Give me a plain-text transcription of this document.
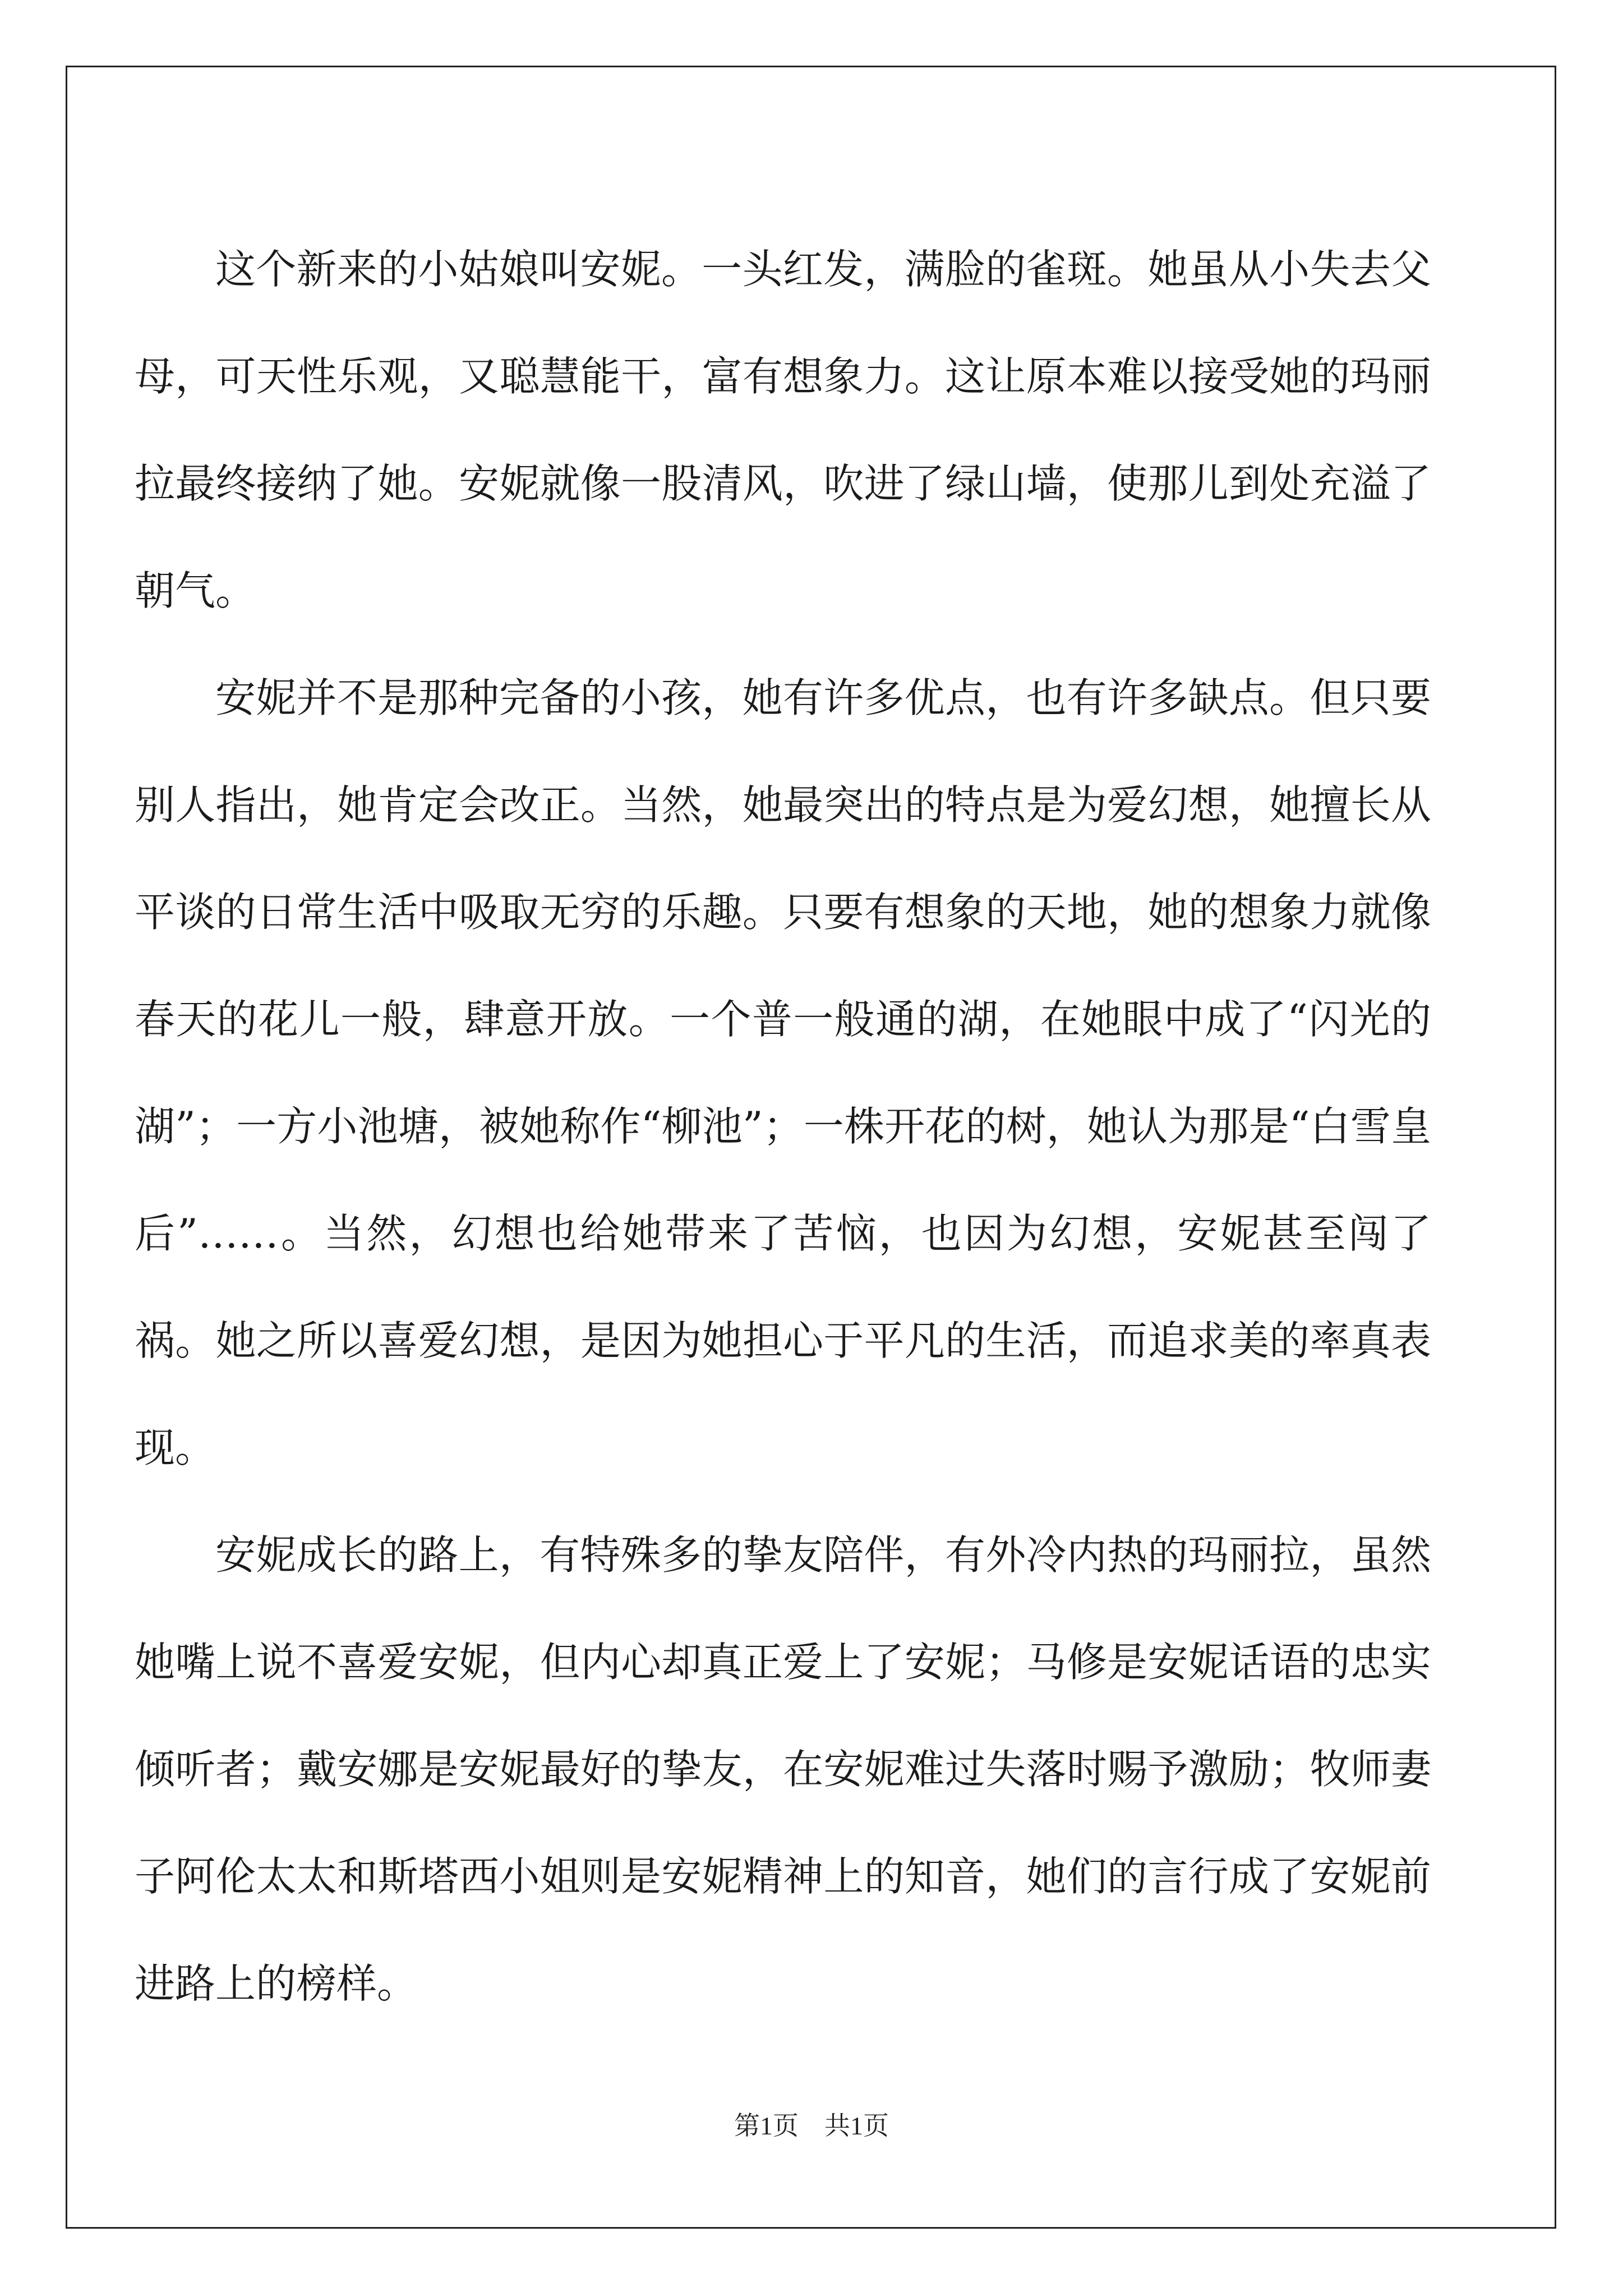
这个新来的小姑娘叫安妮。一头红发，满脸的雀斑。她虽从小失去父母，可天性乐观，又聪慧能干，富有想象力。这让原本难以接受她的玛丽拉最终接纳了她。安妮就像一股清风，吹进了绿山墙，使那儿到处充溢了朝气。

安妮并不是那种完备的小孩，她有许多优点，也有许多缺点。但只要别人指出，她肯定会改正。当然，她最突出的特点是为爱幻想，她擅长从平谈的日常生活中吸取无穷的乐趣。只要有想象的天地，她的想象力就像春天的花儿一般，肆意开放。一个普一般通的湖，在她眼中成了“闪光的湖”；一方小池塘，被她称作“柳池”；一株开花的树，她认为那是“白雪皇后”……。当然，幻想也给她带来了苦恼，也因为幻想，安妮甚至闯了祸。她之所以喜爱幻想，是因为她担心于平凡的生活，而追求美的率真表现。

安妮成长的路上，有特殊多的挚友陪伴，有外冷内热的玛丽拉，虽然她嘴上说不喜爱安妮，但内心却真正爱上了安妮；马修是安妮话语的忠实倾听者；戴安娜是安妮最好的挚友，在安妮难过失落时赐予激励；牧师妻子阿伦太太和斯塔西小姐则是安妮精神上的知音，她们的言行成了安妮前进路上的榜样。

第1页　共1页
